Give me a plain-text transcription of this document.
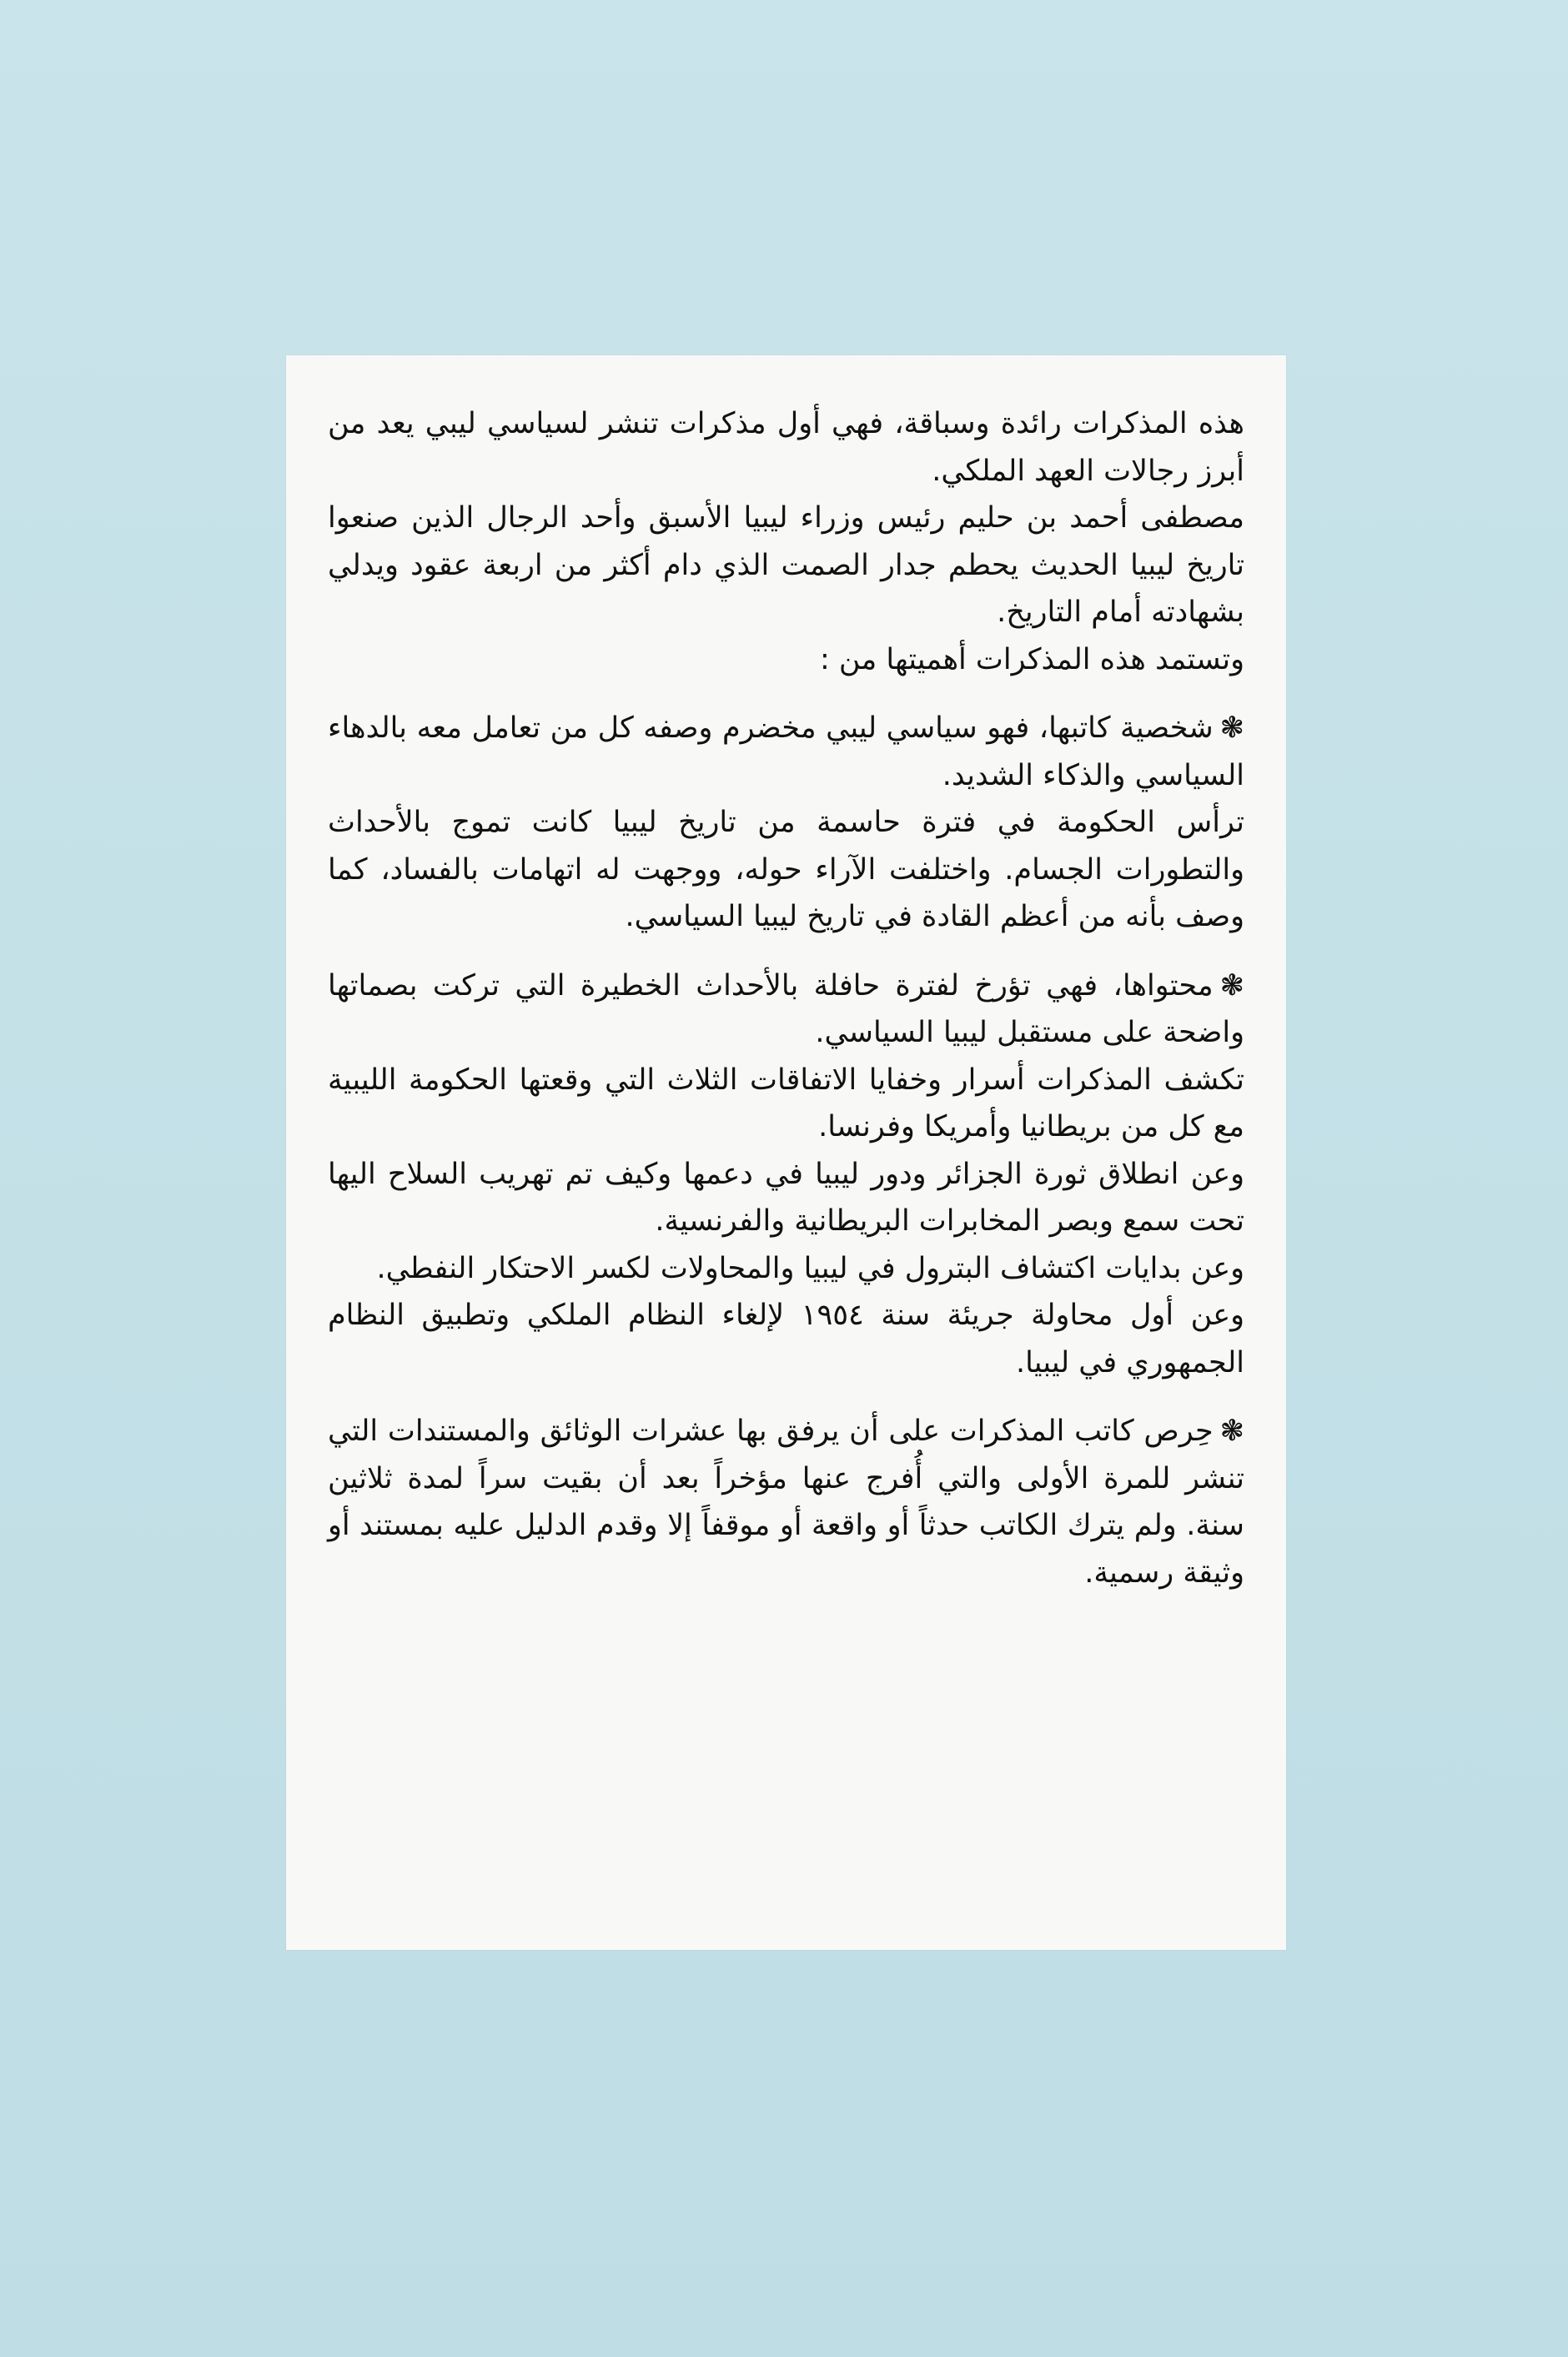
هذه المذكرات رائدة وسباقة، فهي أول مذكرات تنشر لسياسي ليبي يعد من أبرز رجالات العهد الملكي.

مصطفى أحمد بن حليم رئيس وزراء ليبيا الأسبق وأحد الرجال الذين صنعوا تاريخ ليبيا الحديث يحطم جدار الصمت الذي دام أكثر من اربعة عقود ويدلي بشهادته أمام التاريخ.

وتستمد هذه المذكرات أهميتها من :

❃شخصية كاتبها، فهو سياسي ليبي مخضرم وصفه كل من تعامل معه بالدهاء السياسي والذكاء الشديد.

ترأس الحكومة في فترة حاسمة من تاريخ ليبيا كانت تموج بالأحداث والتطورات الجسام. واختلفت الآراء حوله، ووجهت له اتهامات بالفساد، كما وصف بأنه من أعظم القادة في تاريخ ليبيا السياسي.

❃محتواها، فهي تؤرخ لفترة حافلة بالأحداث الخطيرة التي تركت بصماتها واضحة على مستقبل ليبيا السياسي.

تكشف المذكرات أسرار وخفايا الاتفاقات الثلاث التي وقعتها الحكومة الليبية مع كل من بريطانيا وأمريكا وفرنسا.

وعن انطلاق ثورة الجزائر ودور ليبيا في دعمها وكيف تم تهريب السلاح اليها تحت سمع وبصر المخابرات البريطانية والفرنسية.

وعن بدايات اكتشاف البترول في ليبيا والمحاولات لكسر الاحتكار النفطي.

وعن أول محاولة جريئة سنة ١٩٥٤ لإلغاء النظام الملكي وتطبيق النظام الجمهوري في ليبيا.

❃حِرص كاتب المذكرات على أن يرفق بها عشرات الوثائق والمستندات التي تنشر للمرة الأولى والتي أُفرج عنها مؤخراً بعد أن بقيت سراً لمدة ثلاثين سنة. ولم يترك الكاتب حدثاً أو واقعة أو موقفاً إلا وقدم الدليل عليه بمستند أو وثيقة رسمية.
